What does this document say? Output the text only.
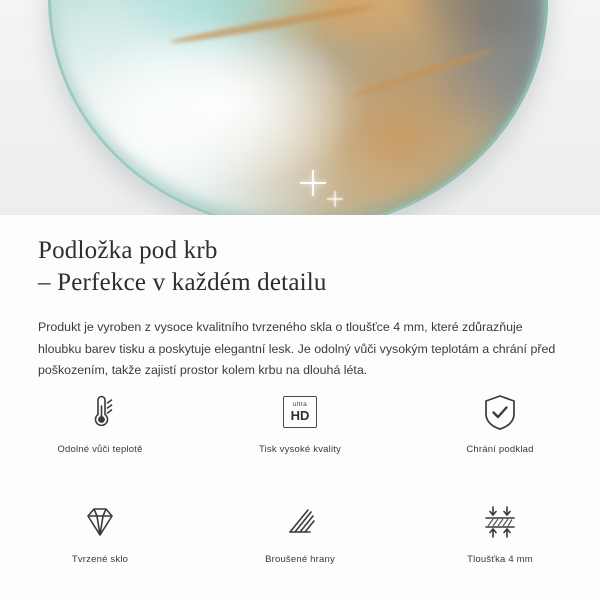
Podložka pod krb
– Perfekce v každém detailu

Produkt je vyroben z vysoce kvalitního tvrzeného skla o tloušťce 4 mm, které zdůrazňuje hloubku barev tisku a poskytuje elegantní lesk. Je odolný vůči vysokým teplotám a chrání před poškozením, takže zajistí prostor kolem krbu na dlouhá léta.

Odolné vůči teplotě
ultra
HD
Tisk vysoké kvality	Chrání podklad
Tvrzené sklo	Broušené hrany	Tloušťka 4 mm
